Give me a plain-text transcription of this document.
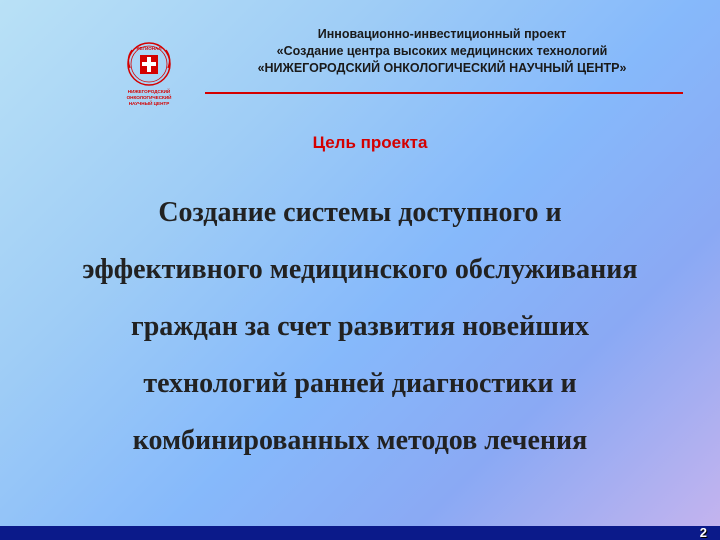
РЕГИОНАЛ
НИЖЕГОРОДСКИЙ
ОНКОЛОГИЧЕСКИЙ
НАУЧНЫЙ ЦЕНТР
Инновационно-инвестиционный проект
«Создание центра высоких медицинских технологий
«НИЖЕГОРОДСКИЙ ОНКОЛОГИЧЕСКИЙ НАУЧНЫЙ ЦЕНТР»
Цель проекта
Создание системы доступного и
эффективного медицинского обслуживания
граждан за счет развития новейших
технологий ранней диагностики и
комбинированных методов лечения
2
